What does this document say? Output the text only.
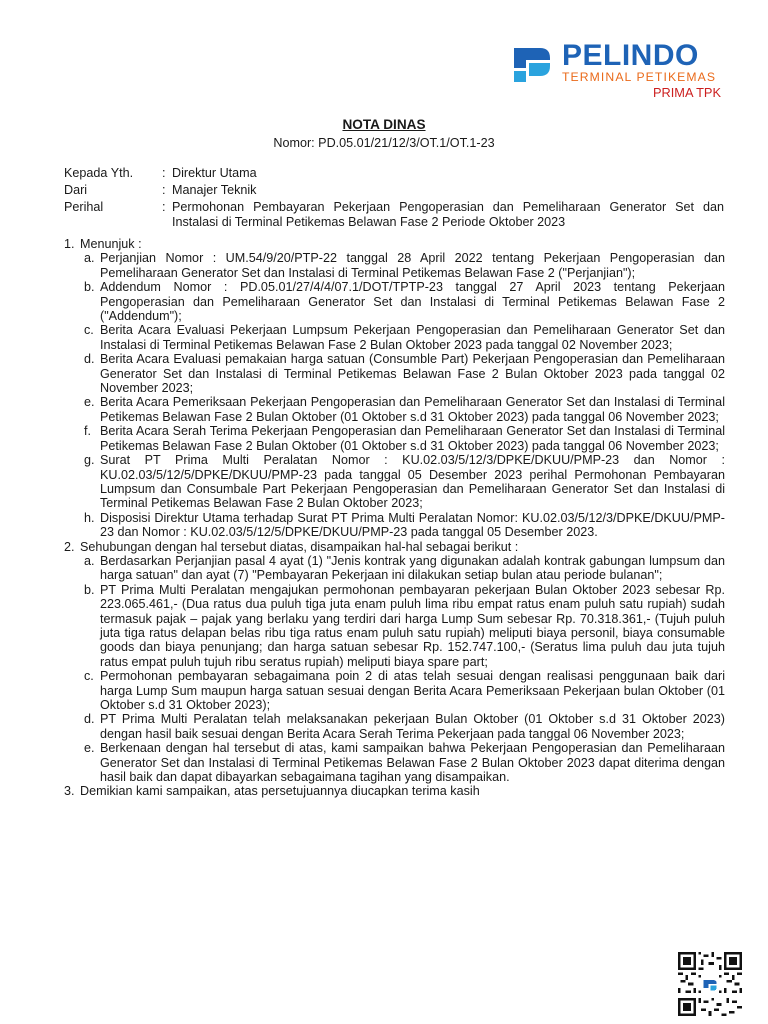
PELINDO
TERMINAL PETIKEMAS
PRIMA TPK
NOTA DINAS
Nomor: PD.05.01/21/12/3/OT.1/OT.1-23
Kepada Yth.	: Direktur Utama
Dari	: Manajer Teknik
Perihal	: Permohonan Pembayaran Pekerjaan Pengoperasian dan Pemeliharaan Generator Set dan Instalasi di Terminal Petikemas Belawan Fase 2 Periode Oktober 2023
1. Menunjuk :
a. Perjanjian Nomor : UM.54/9/20/PTP-22 tanggal 28 April 2022 tentang Pekerjaan Pengoperasian dan Pemeliharaan Generator Set dan Instalasi di Terminal Petikemas Belawan Fase 2 ("Perjanjian");
b. Addendum Nomor : PD.05.01/27/4/4/07.1/DOT/TPTP-23 tanggal 27 April 2023 tentang Pekerjaan Pengoperasian dan Pemeliharaan Generator Set dan Instalasi di Terminal Petikemas Belawan Fase 2 ("Addendum");
c. Berita Acara Evaluasi Pekerjaan Lumpsum Pekerjaan Pengoperasian dan Pemeliharaan Generator Set dan Instalasi di Terminal Petikemas Belawan Fase 2 Bulan Oktober 2023 pada tanggal 02 November 2023;
d. Berita Acara Evaluasi pemakaian harga satuan (Consumble Part) Pekerjaan Pengoperasian dan Pemeliharaan Generator Set dan Instalasi di Terminal Petikemas Belawan Fase 2 Bulan Oktober 2023 pada tanggal 02 November 2023;
e. Berita Acara Pemeriksaan Pekerjaan Pengoperasian dan Pemeliharaan Generator Set dan Instalasi di Terminal Petikemas Belawan Fase 2 Bulan Oktober (01 Oktober s.d 31 Oktober 2023) pada tanggal 06 November 2023;
f. Berita Acara Serah Terima Pekerjaan Pengoperasian dan Pemeliharaan Generator Set dan Instalasi di Terminal Petikemas Belawan Fase 2 Bulan Oktober (01 Oktober s.d 31 Oktober 2023) pada tanggal 06 November 2023;
g. Surat PT Prima Multi Peralatan Nomor : KU.02.03/5/12/3/DPKE/DKUU/PMP-23 dan Nomor : KU.02.03/5/12/5/DPKE/DKUU/PMP-23 pada tanggal 05 Desember 2023 perihal Permohonan Pembayaran Lumpsum dan Consumbale Part Pekerjaan Pengoperasian dan Pemeliharaan Generator Set dan Instalasi di Terminal Petikemas Belawan Fase 2 Bulan Oktober 2023;
h. Disposisi Direktur Utama terhadap Surat PT Prima Multi Peralatan Nomor: KU.02.03/5/12/3/DPKE/DKUU/PMP-23 dan Nomor : KU.02.03/5/12/5/DPKE/DKUU/PMP-23 pada tanggal 05 Desember 2023.
2. Sehubungan dengan hal tersebut diatas, disampaikan hal-hal sebagai berikut :
a. Berdasarkan Perjanjian pasal 4 ayat (1) "Jenis kontrak yang digunakan adalah kontrak gabungan lumpsum dan harga satuan" dan ayat (7) "Pembayaran Pekerjaan ini dilakukan setiap bulan atau periode bulanan";
b. PT Prima Multi Peralatan mengajukan permohonan pembayaran pekerjaan Bulan Oktober 2023 sebesar Rp. 223.065.461,- (Dua ratus dua puluh tiga juta enam puluh lima ribu empat ratus enam puluh satu rupiah) sudah termasuk pajak – pajak yang berlaku yang terdiri dari harga Lump Sum sebesar Rp. 70.318.361,- (Tujuh puluh juta tiga ratus delapan belas ribu tiga ratus enam puluh satu rupiah) meliputi biaya personil, biaya consumable goods dan biaya penunjang; dan harga satuan sebesar Rp. 152.747.100,- (Seratus lima puluh dau juta tujuh ratus empat puluh tujuh ribu seratus rupiah) meliputi biaya spare part;
c. Permohonan pembayaran sebagaimana poin 2 di atas telah sesuai dengan realisasi penggunaan baik dari harga Lump Sum maupun harga satuan sesuai dengan Berita Acara Pemeriksaan Pekerjaan bulan Oktober (01 Oktober s.d 31 Oktober 2023);
d. PT Prima Multi Peralatan telah melaksanakan pekerjaan Bulan Oktober (01 Oktober s.d 31 Oktober 2023) dengan hasil baik sesuai dengan Berita Acara Serah Terima Pekerjaan pada tanggal 06 November 2023;
e. Berkenaan dengan hal tersebut di atas, kami sampaikan bahwa Pekerjaan Pengoperasian dan Pemeliharaan Generator Set dan Instalasi di Terminal Petikemas Belawan Fase 2 Bulan Oktober 2023 dapat diterima dengan hasil baik dan dapat dibayarkan sebagaimana tagihan yang disampaikan.
3. Demikian kami sampaikan, atas persetujuannya diucapkan terima kasih
